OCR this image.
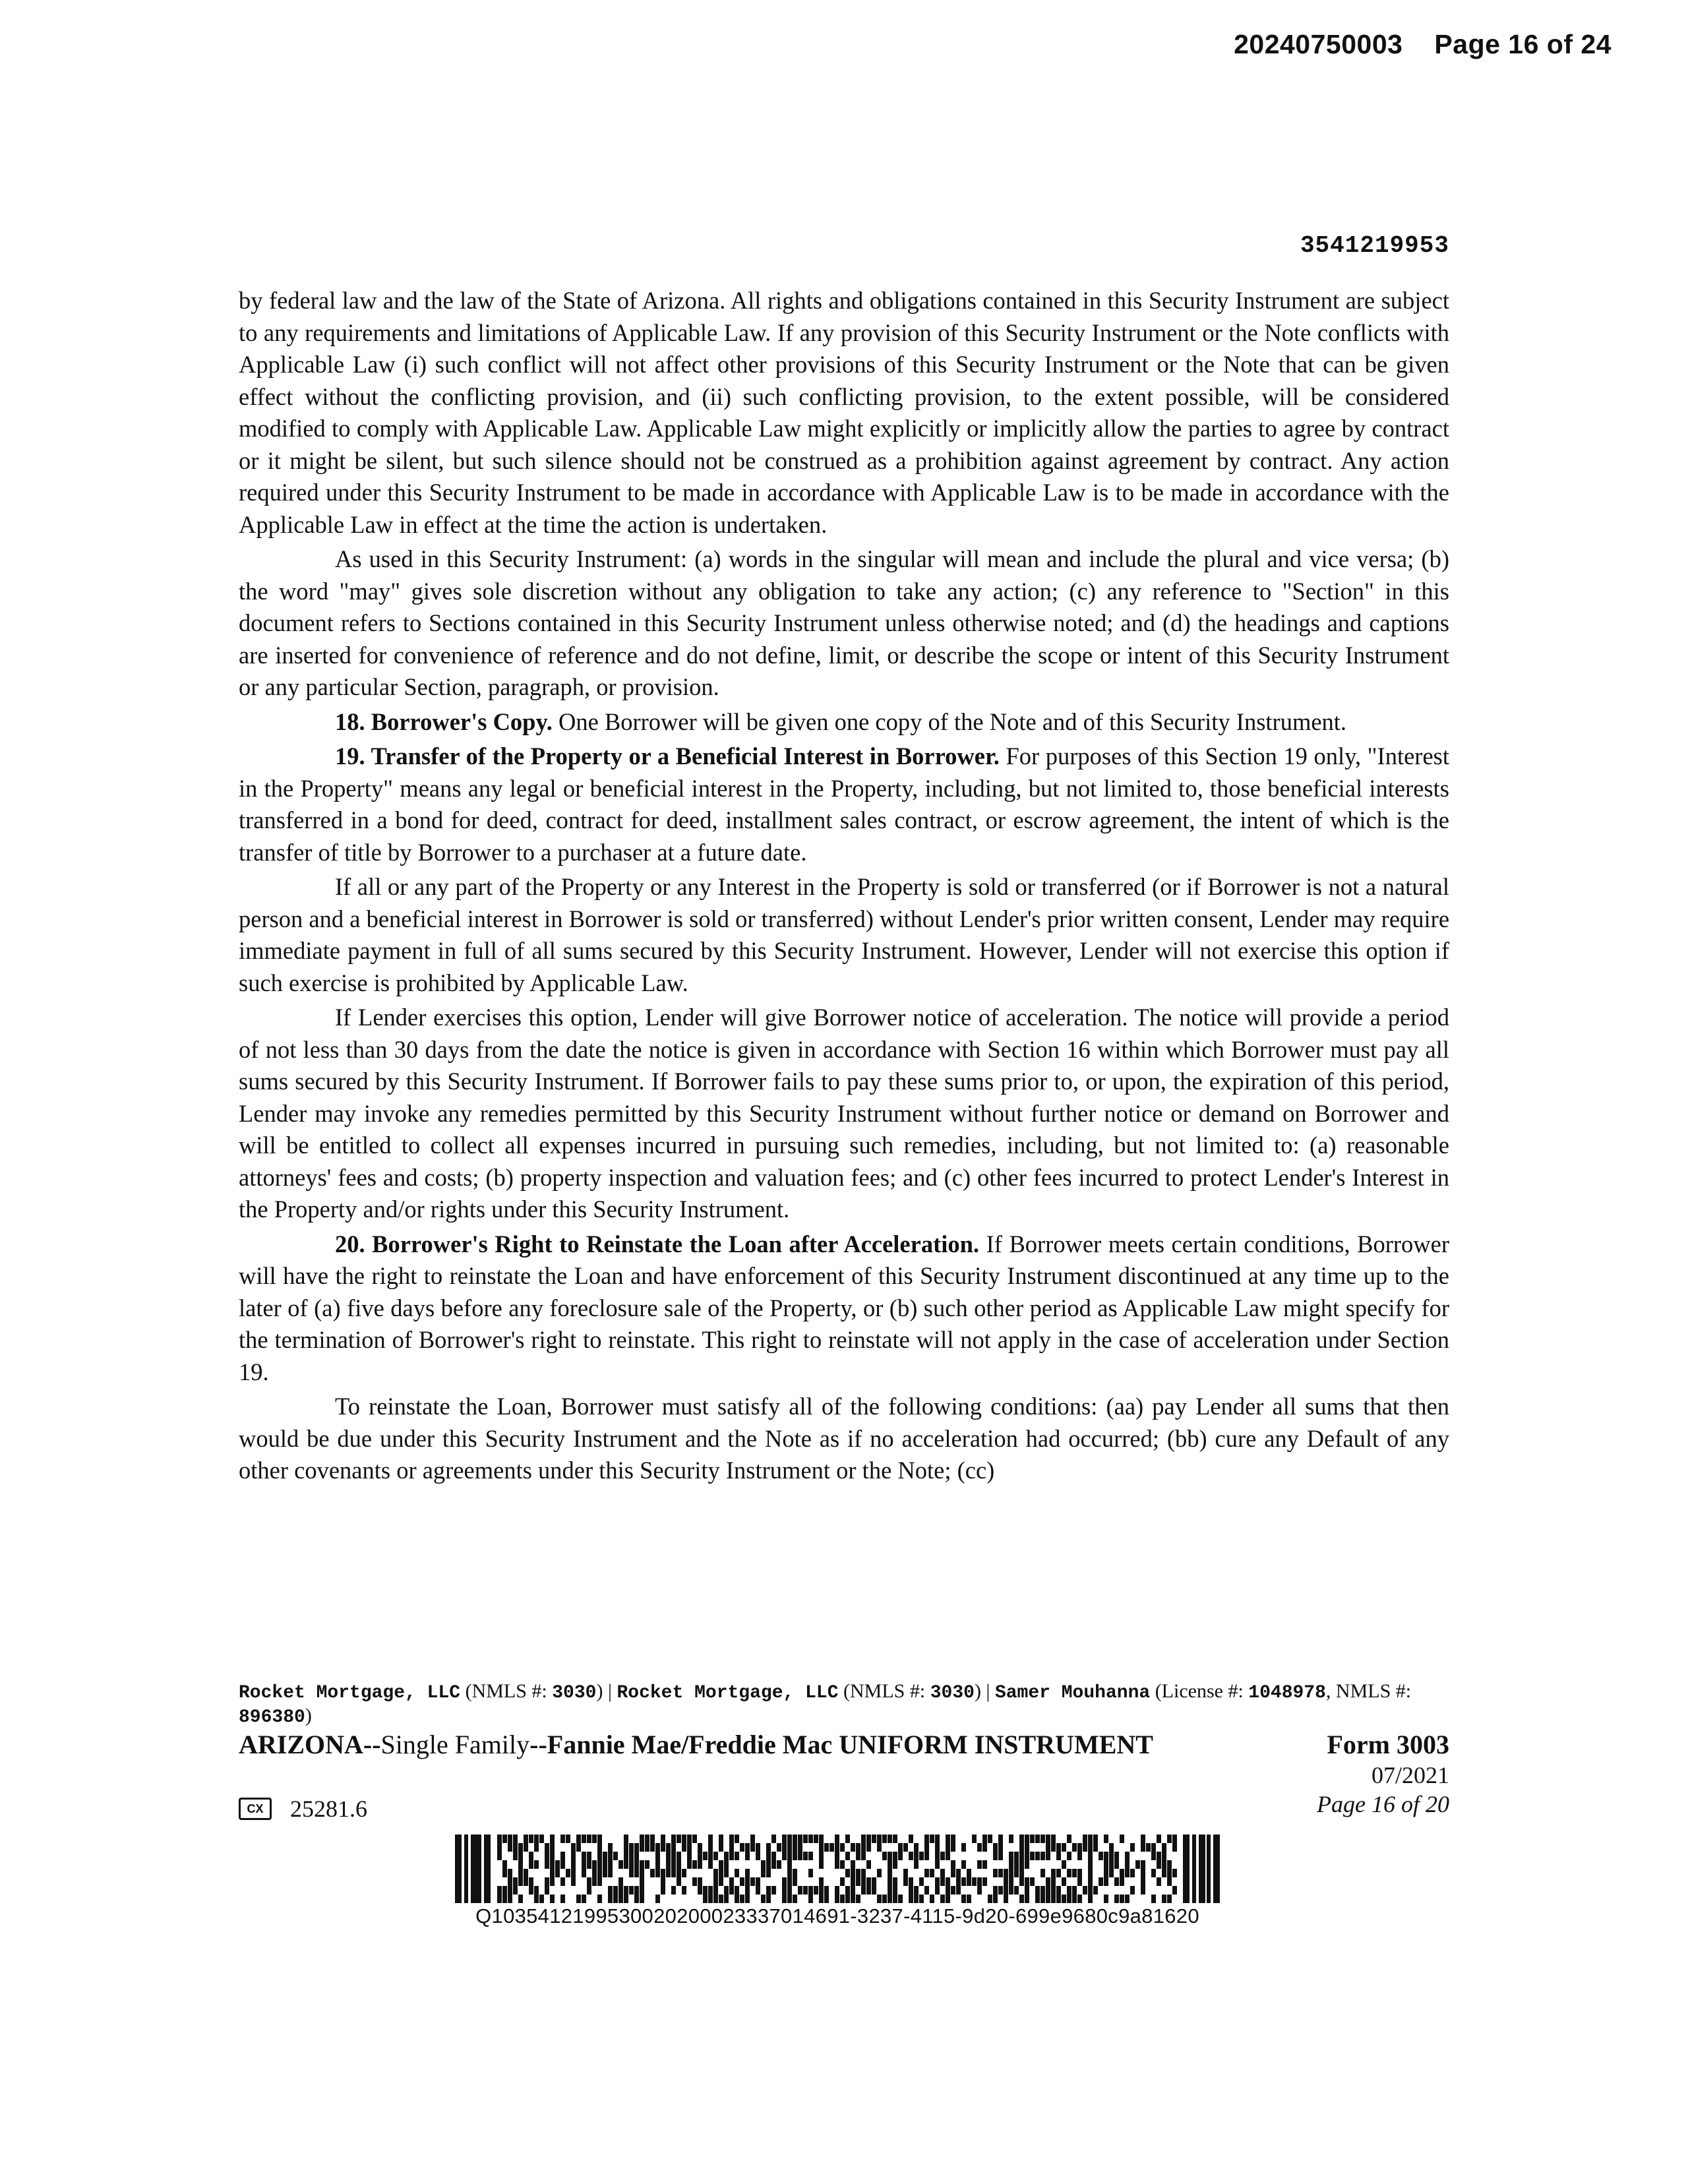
20240750003 Page 16 of 24
3541219953

by federal law and the law of the State of Arizona. All rights and obligations contained in this Security Instrument are subject to any requirements and limitations of Applicable Law. If any provision of this Security Instrument or the Note conflicts with Applicable Law (i) such conflict will not affect other provisions of this Security Instrument or the Note that can be given effect without the conflicting provision, and (ii) such conflicting provision, to the extent possible, will be considered modified to comply with Applicable Law. Applicable Law might explicitly or implicitly allow the parties to agree by contract or it might be silent, but such silence should not be construed as a prohibition against agreement by contract. Any action required under this Security Instrument to be made in accordance with Applicable Law is to be made in accordance with the Applicable Law in effect at the time the action is undertaken.

As used in this Security Instrument: (a) words in the singular will mean and include the plural and vice versa; (b) the word "may" gives sole discretion without any obligation to take any action; (c) any reference to "Section" in this document refers to Sections contained in this Security Instrument unless otherwise noted; and (d) the headings and captions are inserted for convenience of reference and do not define, limit, or describe the scope or intent of this Security Instrument or any particular Section, paragraph, or provision.

18. Borrower's Copy. One Borrower will be given one copy of the Note and of this Security Instrument.

19. Transfer of the Property or a Beneficial Interest in Borrower. For purposes of this Section 19 only, "Interest in the Property" means any legal or beneficial interest in the Property, including, but not limited to, those beneficial interests transferred in a bond for deed, contract for deed, installment sales contract, or escrow agreement, the intent of which is the transfer of title by Borrower to a purchaser at a future date.

If all or any part of the Property or any Interest in the Property is sold or transferred (or if Borrower is not a natural person and a beneficial interest in Borrower is sold or transferred) without Lender's prior written consent, Lender may require immediate payment in full of all sums secured by this Security Instrument. However, Lender will not exercise this option if such exercise is prohibited by Applicable Law.

If Lender exercises this option, Lender will give Borrower notice of acceleration. The notice will provide a period of not less than 30 days from the date the notice is given in accordance with Section 16 within which Borrower must pay all sums secured by this Security Instrument. If Borrower fails to pay these sums prior to, or upon, the expiration of this period, Lender may invoke any remedies permitted by this Security Instrument without further notice or demand on Borrower and will be entitled to collect all expenses incurred in pursuing such remedies, including, but not limited to: (a) reasonable attorneys' fees and costs; (b) property inspection and valuation fees; and (c) other fees incurred to protect Lender's Interest in the Property and/or rights under this Security Instrument.

20. Borrower's Right to Reinstate the Loan after Acceleration. If Borrower meets certain conditions, Borrower will have the right to reinstate the Loan and have enforcement of this Security Instrument discontinued at any time up to the later of (a) five days before any foreclosure sale of the Property, or (b) such other period as Applicable Law might specify for the termination of Borrower's right to reinstate. This right to reinstate will not apply in the case of acceleration under Section 19.

To reinstate the Loan, Borrower must satisfy all of the following conditions: (aa) pay Lender all sums that then would be due under this Security Instrument and the Note as if no acceleration had occurred; (bb) cure any Default of any other covenants or agreements under this Security Instrument or the Note; (cc)

Rocket Mortgage, LLC (NMLS #: 3030) | Rocket Mortgage, LLC (NMLS #: 3030) | Samer Mouhanna (License #: 1048978, NMLS #: 896380)
ARIZONA--Single Family--Fannie Mae/Freddie Mac UNIFORM INSTRUMENT	Form 3003
07/2021
Page 16 of 20
CX	25281.6
Q103541219953002020002333701469​1-3237-4115-9d20-699e9680c9a81620
